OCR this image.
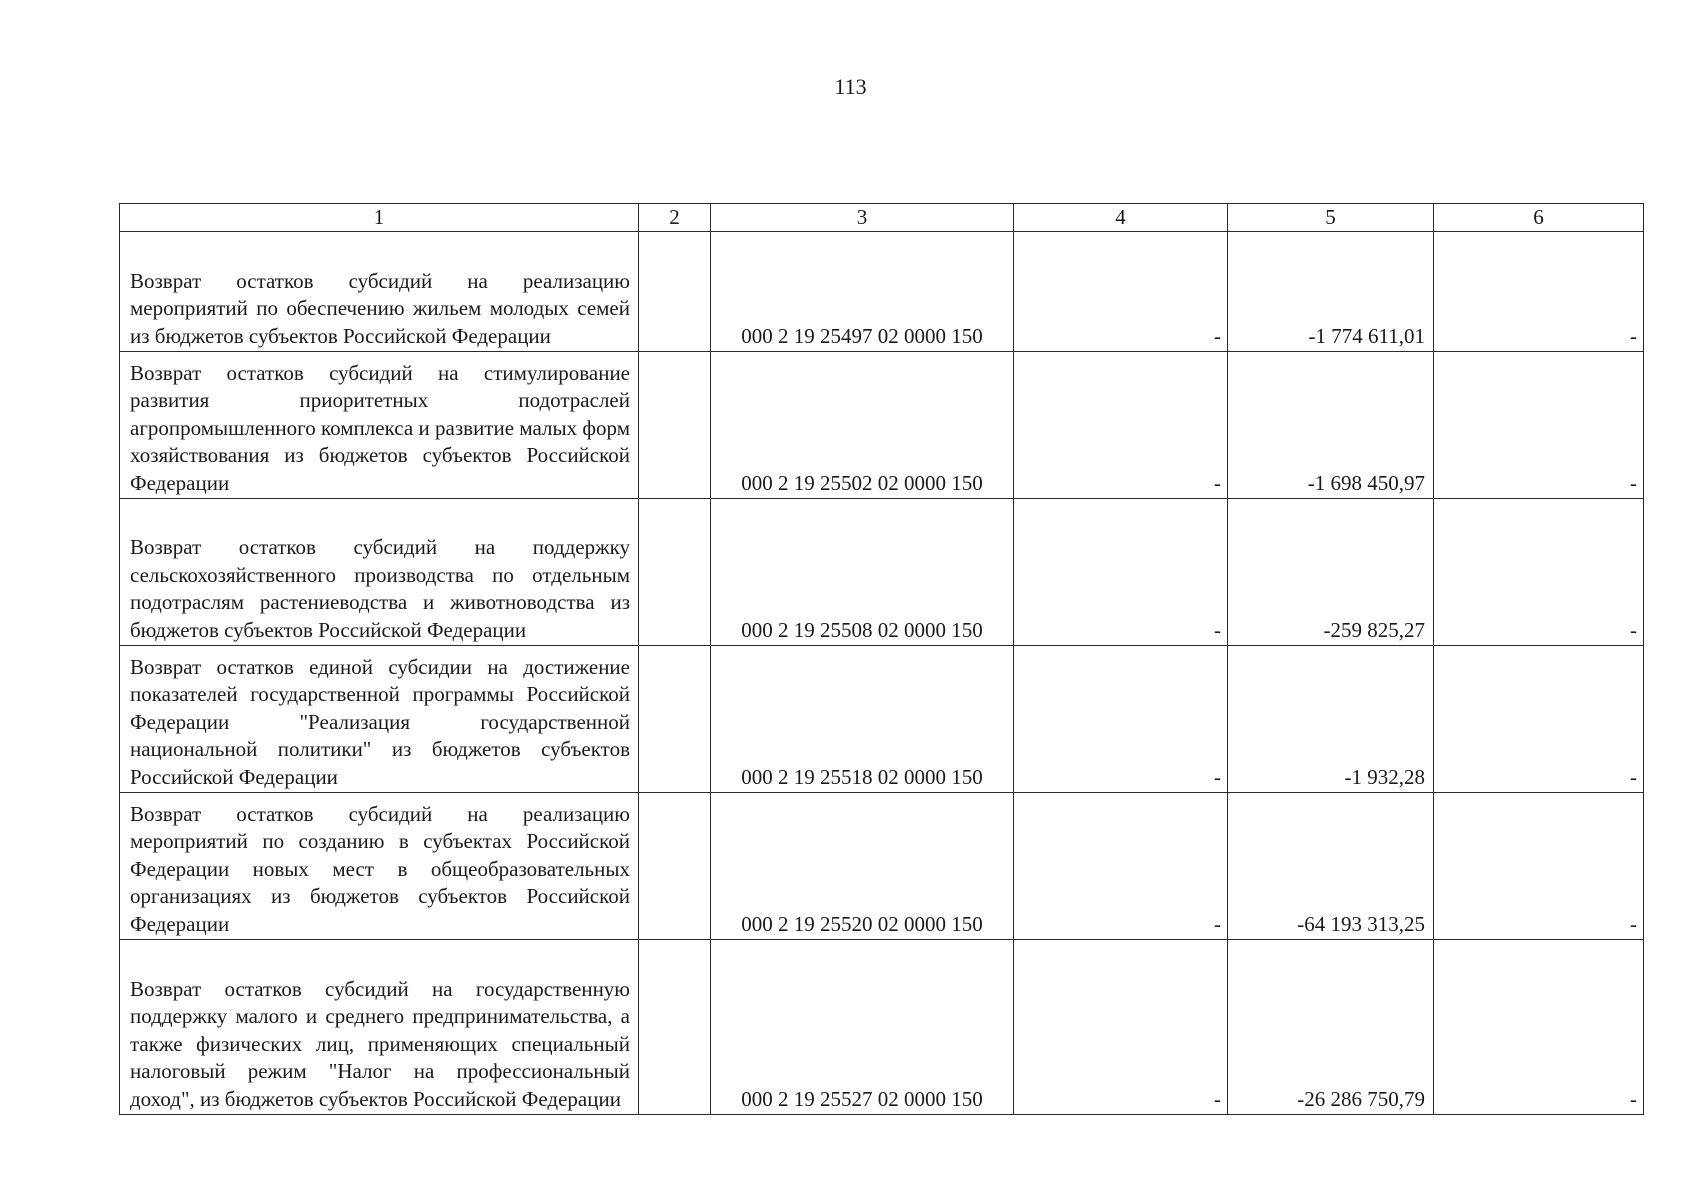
113
1	2	3	4	5	6
Возврат остатков субсидий на реализацию мероприятий по обеспечению жильем молодых семей из бюджетов субъектов Российской Федерации		000 2 19 25497 02 0000 150	-	-1 774 611,01	-
Возврат остатков субсидий на стимулирование развития приоритетных подотраслей агропромышленного комплекса и развитие малых форм хозяйствования из бюджетов субъектов Российской Федерации		000 2 19 25502 02 0000 150	-	-1 698 450,97	-
Возврат остатков субсидий на поддержку сельскохозяйственного производства по отдельным подотраслям растениеводства и животноводства из бюджетов субъектов Российской Федерации		000 2 19 25508 02 0000 150	-	-259 825,27	-
Возврат остатков единой субсидии на достижение показателей государственной программы Российской Федерации "Реализация государственной национальной политики" из бюджетов субъектов Российской Федерации		000 2 19 25518 02 0000 150	-	-1 932,28	-
Возврат остатков субсидий на реализацию мероприятий по созданию в субъектах Российской Федерации новых мест в общеобразовательных организациях из бюджетов субъектов Российской Федерации		000 2 19 25520 02 0000 150	-	-64 193 313,25	-
Возврат остатков субсидий на государственную поддержку малого и среднего предпринимательства, а также физических лиц, применяющих специальный налоговый режим "Налог на профессиональный доход", из бюджетов субъектов Российской Федерации		000 2 19 25527 02 0000 150	-	-26 286 750,79	-
